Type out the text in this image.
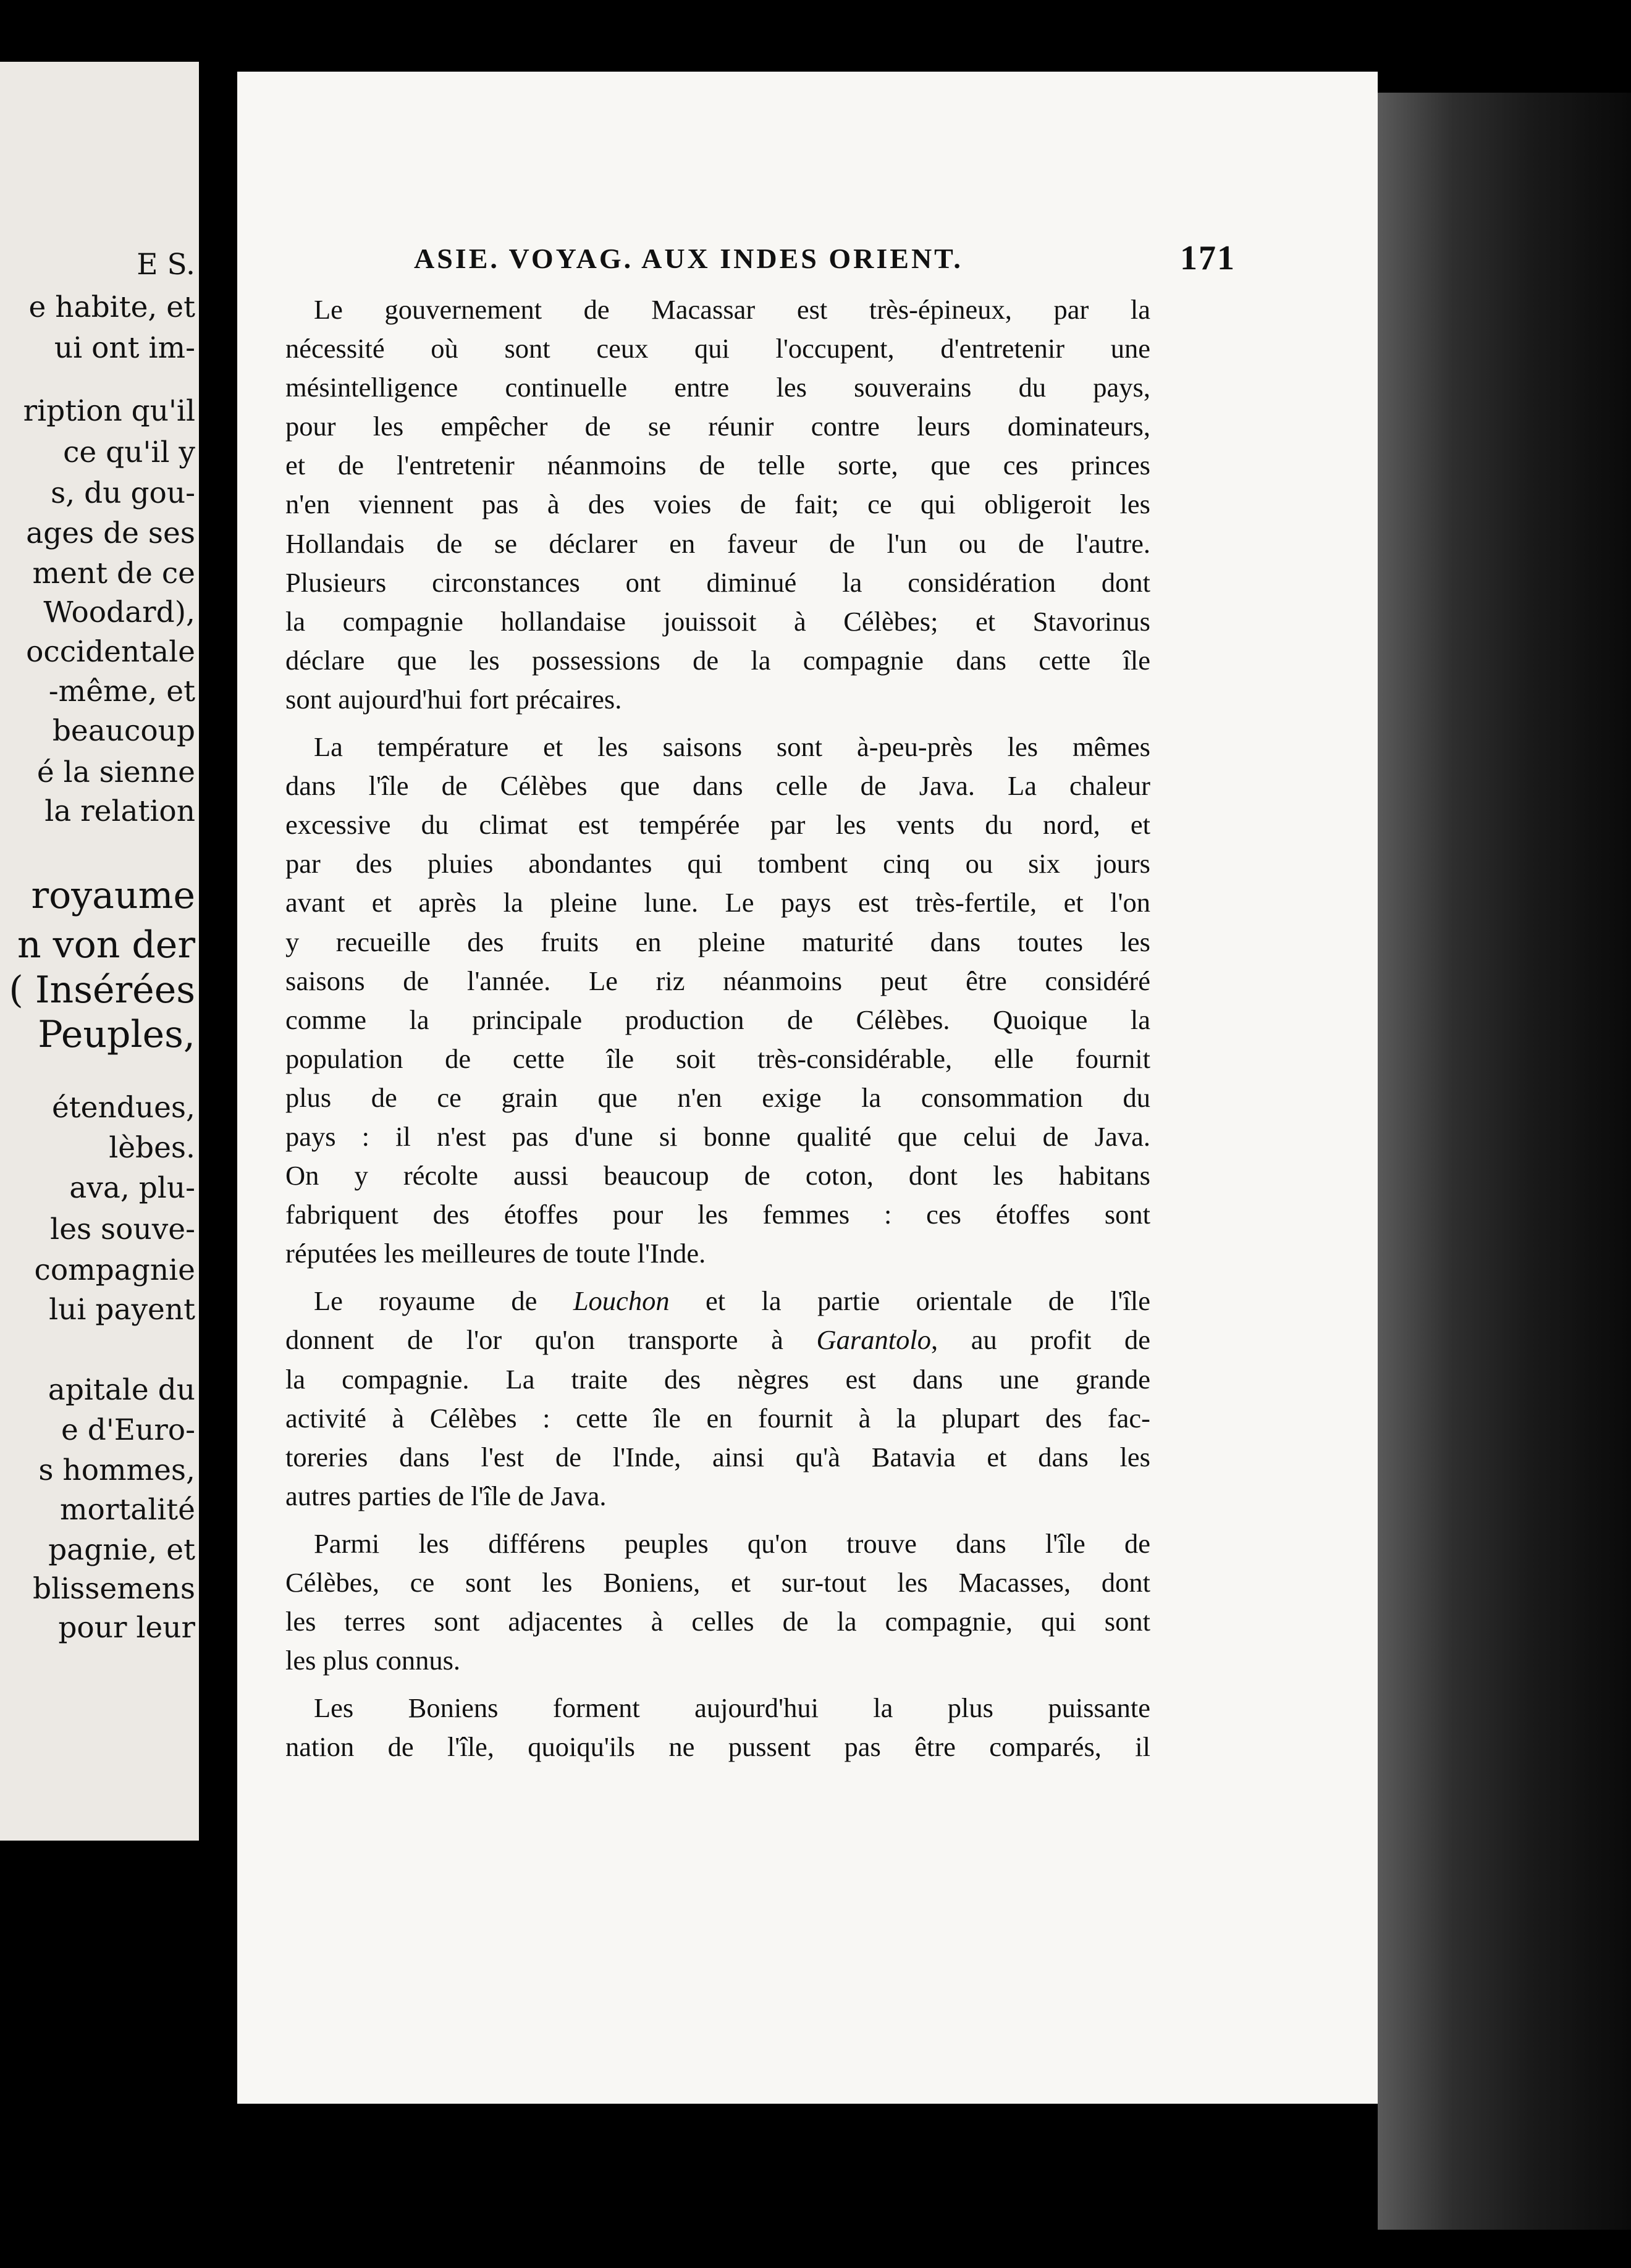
E S.
e habite, et
ui ont im-
ription qu'il
ce qu'il y
s, du gou-
ages de ses
ment de ce
Woodard),
occidentale
-même, et
beaucoup
é la sienne
la relation
royaume
n von der
( Insérées
Peuples,
étendues,
lèbes.
ava, plu-
les souve-
compagnie
lui payent
apitale du
e d'Euro-
s hommes,
mortalité
pagnie, et
blissemens
pour leur
ASIE. VOYAG. AUX INDES ORIENT.	171
Le gouvernement de Macassar est très-épineux, par la
nécessité où sont ceux qui l'occupent, d'entretenir une
mésintelligence continuelle entre les souverains du pays,
pour les empêcher de se réunir contre leurs dominateurs,
et de l'entretenir néanmoins de telle sorte, que ces princes
n'en viennent pas à des voies de fait; ce qui obligeroit les
Hollandais de se déclarer en faveur de l'un ou de l'autre.
Plusieurs circonstances ont diminué la considération dont
la compagnie hollandaise jouissoit à Célèbes; et Stavorinus
déclare que les possessions de la compagnie dans cette île
sont aujourd'hui fort précaires.
La température et les saisons sont à-peu-près les mêmes
dans l'île de Célèbes que dans celle de Java. La chaleur
excessive du climat est tempérée par les vents du nord, et
par des pluies abondantes qui tombent cinq ou six jours
avant et après la pleine lune. Le pays est très-fertile, et l'on
y recueille des fruits en pleine maturité dans toutes les
saisons de l'année. Le riz néanmoins peut être considéré
comme la principale production de Célèbes. Quoique la
population de cette île soit très-considérable, elle fournit
plus de ce grain que n'en exige la consommation du
pays : il n'est pas d'une si bonne qualité que celui de Java.
On y récolte aussi beaucoup de coton, dont les habitans
fabriquent des étoffes pour les femmes : ces étoffes sont
réputées les meilleures de toute l'Inde.
Le royaume de Louchon et la partie orientale de l'île
donnent de l'or qu'on transporte à Garantolo, au profit de
la compagnie. La traite des nègres est dans une grande
activité à Célèbes : cette île en fournit à la plupart des fac-
toreries dans l'est de l'Inde, ainsi qu'à Batavia et dans les
autres parties de l'île de Java.
Parmi les différens peuples qu'on trouve dans l'île de
Célèbes, ce sont les Boniens, et sur-tout les Macasses, dont
les terres sont adjacentes à celles de la compagnie, qui sont
les plus connus.
Les Boniens forment aujourd'hui la plus puissante
nation de l'île, quoiqu'ils ne pussent pas être comparés, il
